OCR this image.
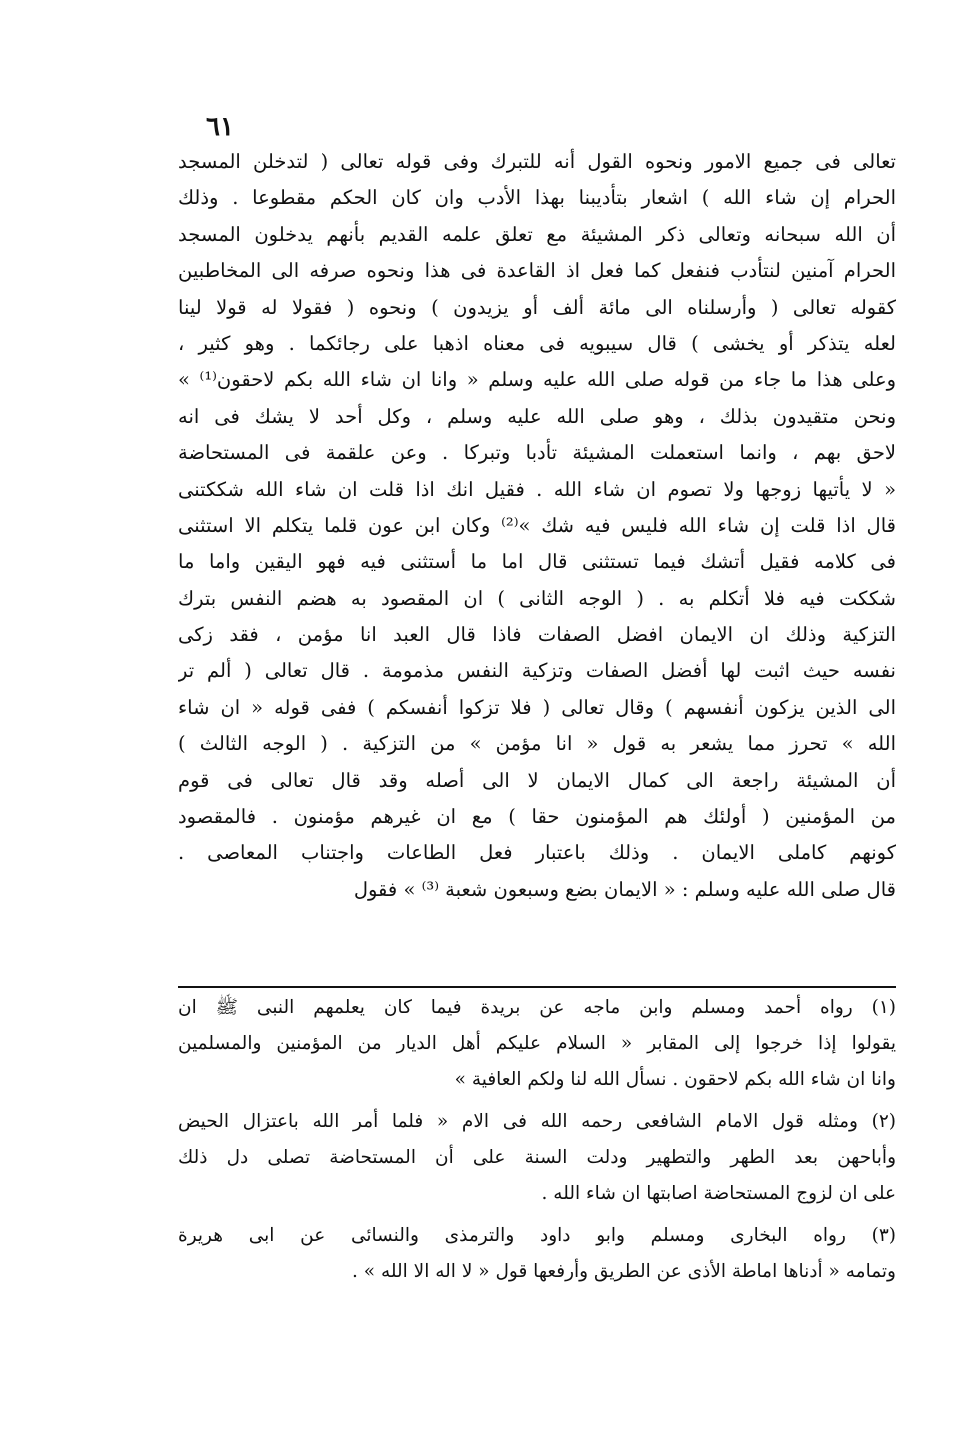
٦١
تعالى فى جميع الامور ونحوه القول أنه للتبرك وفى قوله تعالى ( لتدخلن المسجد
الحرام إن شاء الله ) اشعار بتأديبنا بهذا الأدب وان كان الحكم مقطوعا . وذلك
أن الله سبحانه وتعالى ذكر المشيئة مع تعلق علمه القديم بأنهم يدخلون المسجد
الحرام آمنين لنتأدب فنفعل كما فعل اذ القاعدة فى هذا ونحوه صرفه الى المخاطبين
كقوله تعالى ( وأرسلناه الى مائة ألف أو يزيدون ) ونحوه ( فقولا له قولا لينا
لعله يتذكر أو يخشى ) قال سيبويه فى معناه اذهبا على رجائكما . وهو كثير ،
وعلى هذا ما جاء من قوله صلى الله عليه وسلم « وانا ان شاء الله بكم لاحقون⁽¹⁾ »
ونحن متقيدون بذلك ، وهو صلى الله عليه وسلم ، وكل أحد لا يشك فى انه
لاحق بهم ، وانما استعملت المشيئة تأدبا وتبركا . وعن علقمة فى المستحاضة
« لا يأتيها زوجها ولا تصوم ان شاء الله . فقيل انك اذا قلت ان شاء الله شككتنى
قال اذا قلت إن شاء الله فليس فيه شك »⁽²⁾ وكان ابن عون قلما يتكلم الا استثنى
فى كلامه فقيل أتشك فيما تستثنى قال اما ما أستثنى فيه فهو اليقين واما ما
شككت فيه فلا أتكلم به . ( الوجه الثانى ) ان المقصود به هضم النفس بترك
التزكية وذلك ان الايمان افضل الصفات فاذا قال العبد انا مؤمن ، فقد زكى
نفسه حيث اثبت لها أفضل الصفات وتزكية النفس مذمومة . قال تعالى ( ألم تر
الى الذين يزكون أنفسهم ) وقال تعالى ( فلا تزكوا أنفسكم ) ففى قوله « ان شاء
الله » تحرز مما يشعر به قول « انا مؤمن » من التزكية . ( الوجه الثالث )
أن المشيئة راجعة الى كمال الايمان لا الى أصله وقد قال تعالى فى قوم
من المؤمنين ( أولئك هم المؤمنون حقا ) مع ان غيرهم مؤمنون . فالمقصود
كونهم كاملى الايمان . وذلك باعتبار فعل الطاعات واجتناب المعاصى .
قال صلى الله عليه وسلم : « الايمان بضع وسبعون شعبة ⁽³⁾ » فقول
(١) رواه أحمد ومسلم وابن ماجه عن بريدة فيما كان يعلمهم النبى ﷺ ان
يقولوا إذا خرجوا إلى المقابر « السلام عليكم أهل الديار من المؤمنين والمسلمين
وانا ان شاء الله بكم لاحقون . نسأل الله لنا ولكم العافية »
(٢) ومثله قول الامام الشافعى رحمه الله فى الام « فلما أمر الله باعتزال الحيض
وأباحهن بعد الطهر والتطهير ودلت السنة على أن المستحاضة تصلى دل ذلك
على ان لزوج المستحاضة اصابتها ان شاء الله .
(٣) رواه البخارى ومسلم وابو داود والترمذى والنسائى عن ابى هريرة
وتمامه « أدناها اماطة الأذى عن الطريق وأرفعها قول « لا اله الا الله » .
